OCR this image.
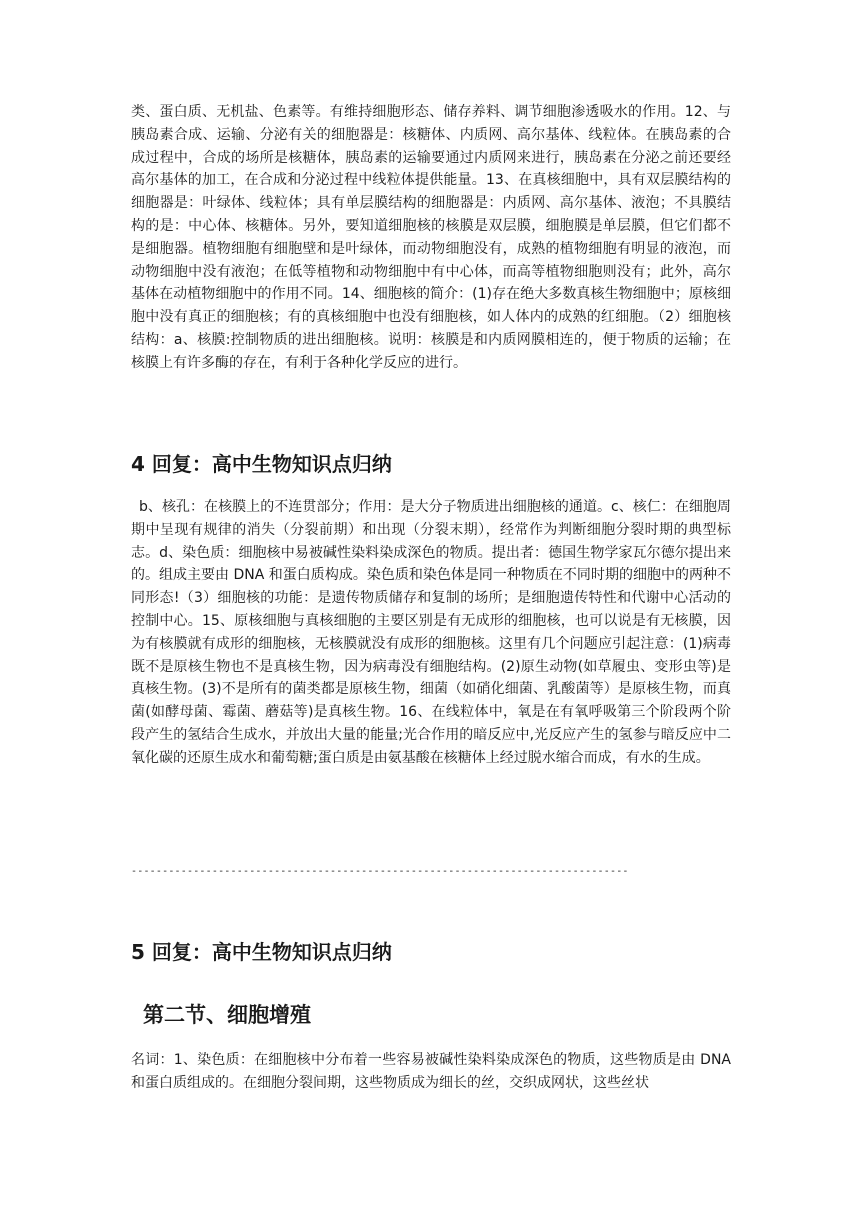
类、蛋白质、无机盐、色素等。有维持细胞形态、储存养料、调节细胞渗透吸水的作用。12、与胰岛素合成、运输、分泌有关的细胞器是：核糖体、内质网、高尔基体、线粒体。在胰岛素的合成过程中，合成的场所是核糖体，胰岛素的运输要通过内质网来进行，胰岛素在分泌之前还要经高尔基体的加工，在合成和分泌过程中线粒体提供能量。13、在真核细胞中，具有双层膜结构的细胞器是：叶绿体、线粒体；具有单层膜结构的细胞器是：内质网、高尔基体、液泡；不具膜结构的是：中心体、核糖体。另外，要知道细胞核的核膜是双层膜，细胞膜是单层膜，但它们都不是细胞器。植物细胞有细胞壁和是叶绿体，而动物细胞没有，成熟的植物细胞有明显的液泡，而动物细胞中没有液泡；在低等植物和动物细胞中有中心体，而高等植物细胞则没有；此外，高尔基体在动植物细胞中的作用不同。14、细胞核的简介：(1)存在绝大多数真核生物细胞中；原核细胞中没有真正的细胞核；有的真核细胞中也没有细胞核，如人体内的成熟的红细胞。（2）细胞核结构：a、核膜:控制物质的进出细胞核。说明：核膜是和内质网膜相连的，便于物质的运输；在核膜上有许多酶的存在，有利于各种化学反应的进行。

4 回复：高中生物知识点归纳

b、核孔：在核膜上的不连贯部分；作用：是大分子物质进出细胞核的通道。c、核仁：在细胞周期中呈现有规律的消失（分裂前期）和出现（分裂末期），经常作为判断细胞分裂时期的典型标志。d、染色质：细胞核中易被碱性染料染成深色的物质。提出者：德国生物学家瓦尔德尔提出来的。组成主要由 DNA 和蛋白质构成。染色质和染色体是同一种物质在不同时期的细胞中的两种不同形态!（3）细胞核的功能：是遗传物质储存和复制的场所；是细胞遗传特性和代谢中心活动的控制中心。15、原核细胞与真核细胞的主要区别是有无成形的细胞核，也可以说是有无核膜，因为有核膜就有成形的细胞核，无核膜就没有成形的细胞核。这里有几个问题应引起注意：(1)病毒既不是原核生物也不是真核生物，因为病毒没有细胞结构。(2)原生动物(如草履虫、变形虫等)是真核生物。(3)不是所有的菌类都是原核生物，细菌（如硝化细菌、乳酸菌等）是原核生物，而真菌(如酵母菌、霉菌、蘑菇等)是真核生物。16、在线粒体中，氧是在有氧呼吸第三个阶段两个阶段产生的氢结合生成水，并放出大量的能量;光合作用的暗反应中,光反应产生的氢参与暗反应中二氧化碳的还原生成水和葡萄糖;蛋白质是由氨基酸在核糖体上经过脱水缩合而成，有水的生成。

--------------------------------------------------------------------------------
5 回复：高中生物知识点归纳
第二节、细胞增殖

名词：1、染色质：在细胞核中分布着一些容易被碱性染料染成深色的物质，这些物质是由 DNA 和蛋白质组成的。在细胞分裂间期，这些物质成为细长的丝，交织成网状，这些丝状
